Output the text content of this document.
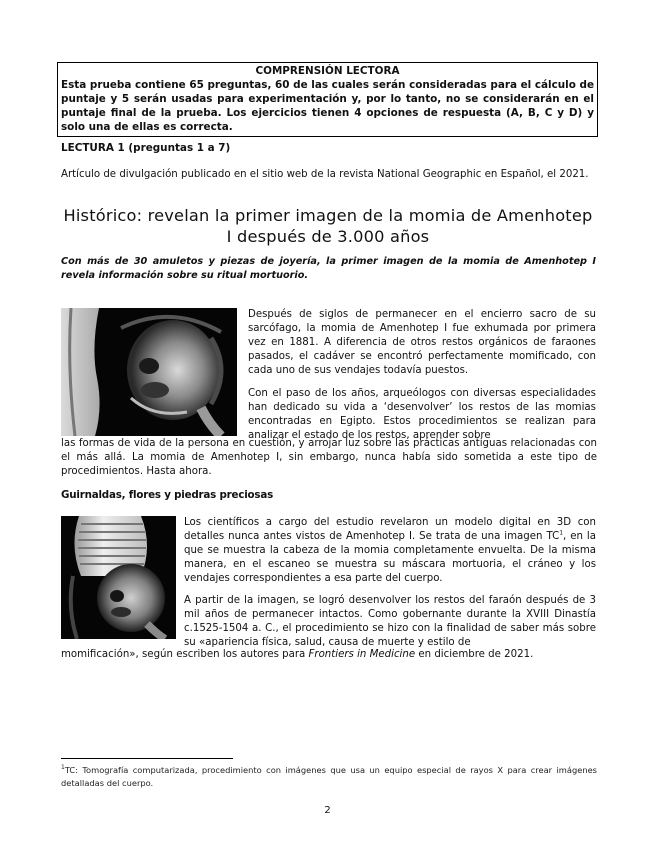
COMPRENSIÓN LECTORA
Esta prueba contiene 65 preguntas, 60 de las cuales serán consideradas para el cálculo de puntaje y 5 serán usadas para experimentación y, por lo tanto, no se considerarán en el puntaje final de la prueba. Los ejercicios tienen 4 opciones de respuesta (A, B, C y D) y solo una de ellas es correcta.
LECTURA 1 (preguntas 1 a 7)
Artículo de divulgación publicado en el sitio web de la revista National Geographic en Español, el 2021.
Histórico: revelan la primer imagen de la momia de Amenhotep I después de 3.000 años
Con más de 30 amuletos y piezas de joyería, la primer imagen de la momia de Amenhotep I revela información sobre su ritual mortuorio.
Después de siglos de permanecer en el encierro sacro de su sarcófago, la momia de Amenhotep I fue exhumada por primera vez en 1881. A diferencia de otros restos orgánicos de faraones pasados, el cadáver se encontró perfectamente momificado, con cada uno de sus vendajes todavía puestos.
Con el paso de los años, arqueólogos con diversas especialidades han dedicado su vida a ‘desenvolver’ los restos de las momias encontradas en Egipto. Estos procedimientos se realizan para analizar el estado de los restos, aprender sobre
las formas de vida de la persona en cuestión, y arrojar luz sobre las prácticas antiguas relacionadas con el más allá. La momia de Amenhotep I, sin embargo, nunca había sido sometida a este tipo de procedimientos. Hasta ahora.
Guirnaldas, flores y piedras preciosas
Los científicos a cargo del estudio revelaron un modelo digital en 3D con detalles nunca antes vistos de Amenhotep I. Se trata de una imagen $TC^1$, en la que se muestra la cabeza de la momia completamente envuelta. De la misma manera, en el escaneo se muestra su máscara mortuoria, el cráneo y los vendajes correspondientes a esa parte del cuerpo.
A partir de la imagen, se logró desenvolver los restos del faraón después de 3 mil años de permanecer intactos. Como gobernante durante la XVIII Dinastía c.1525-1504 a. C., el procedimiento se hizo con la finalidad de saber más sobre su «apariencia física, salud, causa de muerte y estilo de
momificación», según escriben los autores para Frontiers in Medicine en diciembre de 2021.
$^1$TC: Tomografía computarizada, procedimiento con imágenes que usa un equipo especial de rayos X para crear imágenes detalladas del cuerpo.
2
